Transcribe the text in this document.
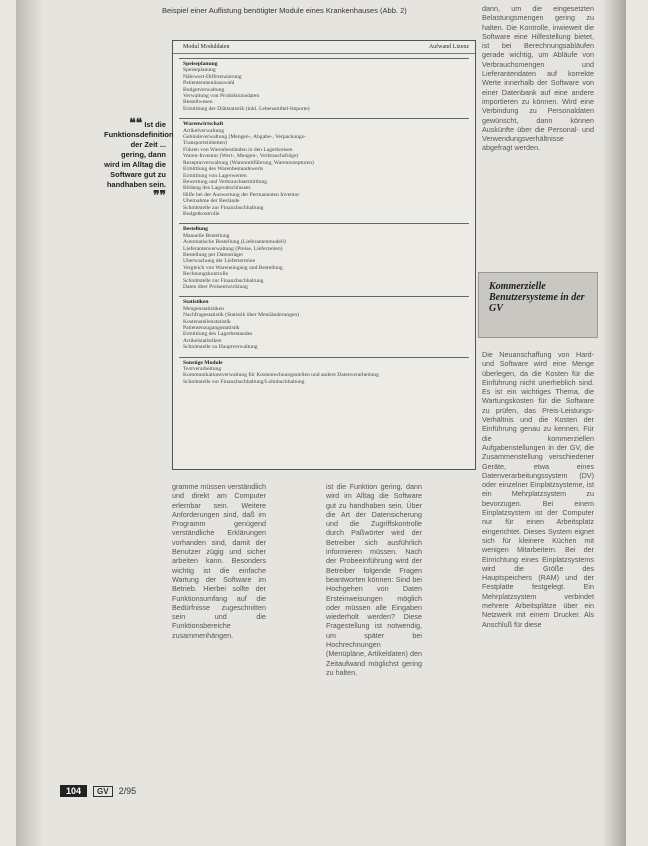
Beispiel einer Auflistung benötigter Module eines Krankenhauses (Abb. 2)
Modul Moduldaten	Aufwand Lizenz
Speiseplanung
Speiseplanung
Nährwert-Differenzierung
Patientenmenüauswahl
Budgetverwaltung
Verwaltung von Produktionsdaten
Bestellwesen
Ermittlung der Diätstatistik (inkl. Lebensmittel-Importe)
Warenwirtschaft
Artikelverwaltung
Gebindeverwaltung (Mengen-, Abgabe-, Verpackungs-
Transporteinheiten)
Führen von Warenbeständen in den Lagerkreisen
Waren-Inventur (Wert-, Mengen-, Verbrauchsfolge)
Rezepturverwaltung (Warenmitführung, Warenrezepturen)
Ermittlung des Warenbestandswerts
Ermittlung von Lagerwerten
Bewertung und Verbrauchsermittlung
Bildung des Lagerabschlusses
Hilfe bei der Auswertung der Permanenten Inventur
Übernahme der Bestände
Schnittstelle zur Finanzbuchhaltung
Budgetkontrolle
Bestellung
Manuelle Bestellung
Automatische Bestellung (Lieferantenmodell)
Lieferantenverwaltung (Preise, Lieferzeiten)
Bestellung per Datenträger
Überwachung der Liefertermine
Vergleich von Wareneingang und Bestellung
Rechnungskontrolle
Schnittstelle zur Finanzbuchhaltung
Daten über Preisentwicklung
Statistiken
Mengenstatistiken
Nachfragestatistik (Statistik über Menüänderungen)
Kostenstellenstatistik
Patientenzugangsstatistik
Ermittlung des Lagerbestandes
Artikelstatistiken
Schnittstelle zu Hauptverwaltung
Sonstige Module
Textverarbeitung
Kommunikationsverwaltung für Kostenrechnungsstellen und andere Datenverarbeitung
Schnittstelle zur Finanzbuchhaltung/Lohnbuchhaltung
❝❝ Ist die Funktionsdefinition der Zeit ... gering, dann wird im Alltag die Software gut zu handhaben sein. ❞❞

gramme müssen verständlich und direkt am Computer erlernbar sein. Weitere Anforderungen sind, daß im Programm genügend verständliche Erklärungen vorhanden sind, damit der Benutzer zügig und sicher arbeiten kann. Besonders wichtig ist die einfache Wartung der Software im Betrieb. Hierbei sollte der Funktionsumfang auf die Bedürfnisse zugeschnitten sein und die Funktionsbereiche zusammenhängen.

ist die Funktion gering, dann wird im Alltag die Software gut zu handhaben sein. Über die Art der Datensicherung und die Zugriffskontrolle durch Paßwörter wird der Betreiber sich ausführlich informieren müssen. Nach der Probeeinführung wird der Betreiber folgende Fragen beantworten können: Sind bei Hochgehen von Daten Ersteinweisungen möglich oder müssen alle Eingaben wiederholt werden? Diese Fragestellung ist notwendig, um später bei Hochrechnungen (Menüpläne, Artikeldaten) den Zeitaufwand möglichst gering zu halten.

dann, um die eingesetzten Belastungsmengen gering zu halten. Die Kontrolle, inwieweit die Software eine Hilfestellung bietet, ist bei Berechnungsabläufen gerade wichtig, um Abläufe von Verbrauchsmengen und Lieferantendaten auf korrekte Werte innerhalb der Software von einer Datenbank auf eine andere importieren zu können. Wird eine Verbindung zu Personaldaten gewünscht, dann können Auskünfte über die Personal- und Verwendungsverhältnisse abgefragt werden.

Kommerzielle Benutzersysteme in der GV

Die Neuanschaffung von Hard- und Software wird eine Menge überlegen, da die Kosten für die Einführung nicht unerheblich sind. Es ist ein wichtiges Thema, die Wartungskosten für die Software zu prüfen, das Preis-Leistungs-Verhältnis und die Kosten der Einführung genau zu kennen. Für die kommerziellen Aufgabenstellungen in der GV, die Zusammenstellung verschiedener Geräte, etwa eines Datenverarbeitungssystem (DV) oder einzelner Einplatzsysteme, ist ein Mehrplatzsystem zu bevorzugen. Bei einem Einplatzsystem ist der Computer nur für einen Arbeitsplatz eingerichtet. Dieses System eignet sich für kleinere Küchen mit wenigen Mitarbeitern. Bei der Einrichtung eines Einplatzsystems wird die Größe des Hauptspeichers (RAM) und der Festplatte festgelegt. Ein Mehrplatzsystem verbindet mehrere Arbeitsplätze über ein Netzwerk mit einem Drucker. Als Anschluß für diese

104	GV	2/95
